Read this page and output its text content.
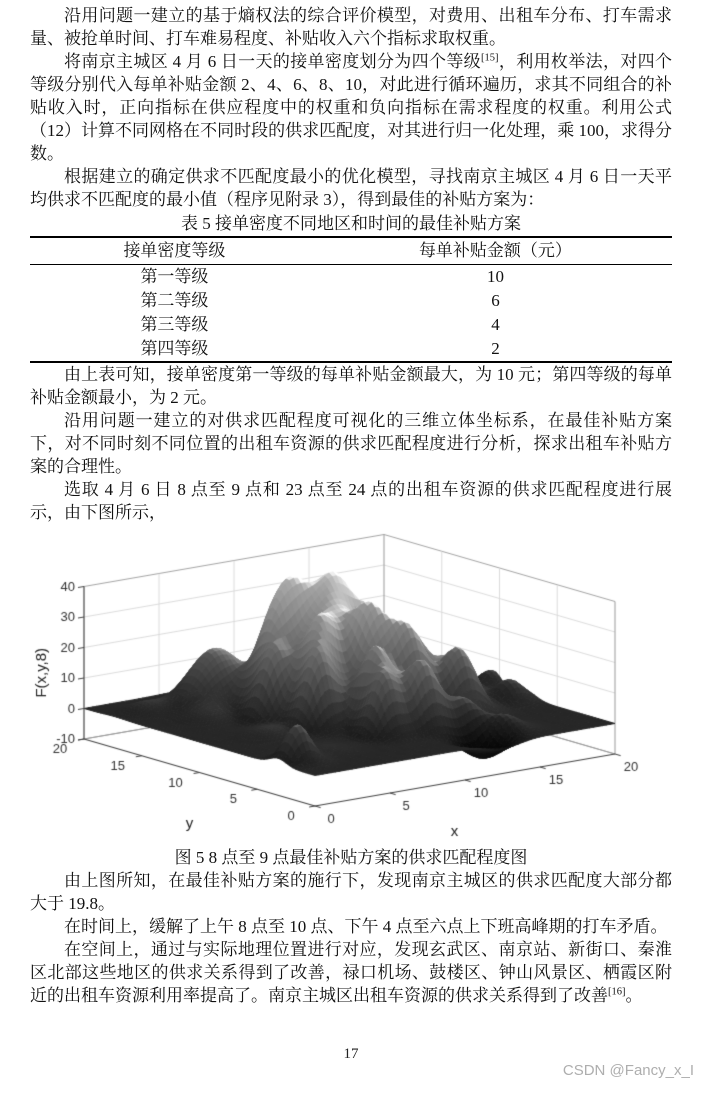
沿用问题一建立的基于熵权法的综合评价模型，对费用、出租车分布、打车需求量、被抢单时间、打车难易程度、补贴收入六个指标求取权重。

将南京主城区 4 月 6 日一天的接单密度划分为四个等级[15]，利用枚举法，对四个等级分别代入每单补贴金额 2、4、6、8、10，对此进行循环遍历，求其不同组合的补贴收入时，正向指标在供应程度中的权重和负向指标在需求程度的权重。利用公式（12）计算不同网格在不同时段的供求匹配度，对其进行归一化处理，乘 100，求得分数。

根据建立的确定供求不匹配度最小的优化模型，寻找南京主城区 4 月 6 日一天平均供求不匹配度的最小值（程序见附录 3），得到最佳的补贴方案为：

表 5 接单密度不同地区和时间的最佳补贴方案

接单密度等级	每单补贴金额（元）
第一等级	10
第二等级	6
第三等级	4
第四等级	2

由上表可知，接单密度第一等级的每单补贴金额最大，为 10 元；第四等级的每单补贴金额最小，为 2 元。

沿用问题一建立的对供求匹配程度可视化的三维立体坐标系，在最佳补贴方案下，对不同时刻不同位置的出租车资源的供求匹配程度进行分析，探求出租车补贴方案的合理性。

选取 4 月 6 日 8 点至 9 点和 23 点至 24 点的出租车资源的供求匹配程度进行展示，由下图所示，

图 5 8 点至 9 点最佳补贴方案的供求匹配程度图

由上图所知，在最佳补贴方案的施行下，发现南京主城区的供求匹配度大部分都大于 19.8。

在时间上，缓解了上午 8 点至 10 点、下午 4 点至六点上下班高峰期的打车矛盾。

在空间上，通过与实际地理位置进行对应，发现玄武区、南京站、新街口、秦淮区北部这些地区的供求关系得到了改善，禄口机场、鼓楼区、钟山风景区、栖霞区附近的出租车资源利用率提高了。南京主城区出租车资源的供求关系得到了改善[16]。

17
CSDN @Fancy_x_I
